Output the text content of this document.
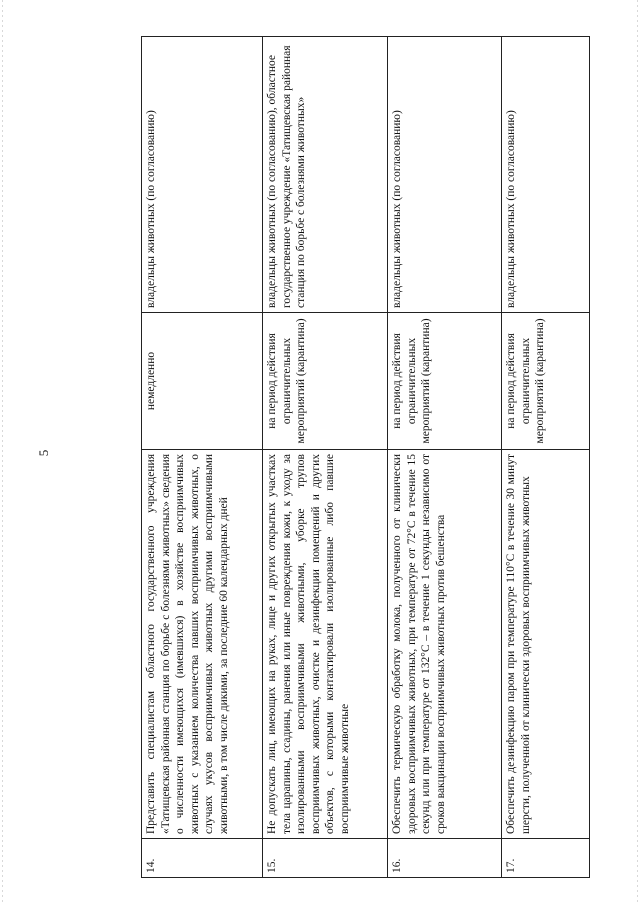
5
14.	Представить специалистам областного государственного учреждения «Татищевская районная станция по борьбе с болезнями животных» сведения о численности имеющихся (имевшихся) в хозяйстве восприимчивых животных с указанием количества павших восприимчивых животных, о случаях укусов восприимчивых животных другими восприимчивыми животными, в том числе дикими, за последние 60 календарных дней	немедленно	владельцы животных (по согласованию)
15.	Не допускать лиц, имеющих на руках, лице и других открытых участках тела царапины, ссадины, ранения или иные повреждения кожи, к уходу за изолированными восприимчивыми животными, уборке трупов восприимчивых животных, очистке и дезинфекции помещений и других объектов, с которыми контактировали изолированные либо павшие восприимчивые животные	на период действия ограничительных мероприятий (карантина)	владельцы животных (по согласованию), областное государственное учреждение «Татищевская районная станция по борьбе с болезнями животных»
16.	Обеспечить термическую обработку молока, полученного от клинически здоровых восприимчивых животных, при температуре от 72°С в течение 15 секунд или при температуре от 132°С – в течение 1 секунды независимо от сроков вакцинации восприимчивых животных против бешенства	на период действия ограничительных мероприятий (карантина)	владельцы животных (по согласованию)
17.	Обеспечить дезинфекцию паром при температуре 110°С в течение 30 минут шерсти, полученной от клинически здоровых восприимчивых животных	на период действия ограничительных мероприятий (карантина)	владельцы животных (по согласованию)
